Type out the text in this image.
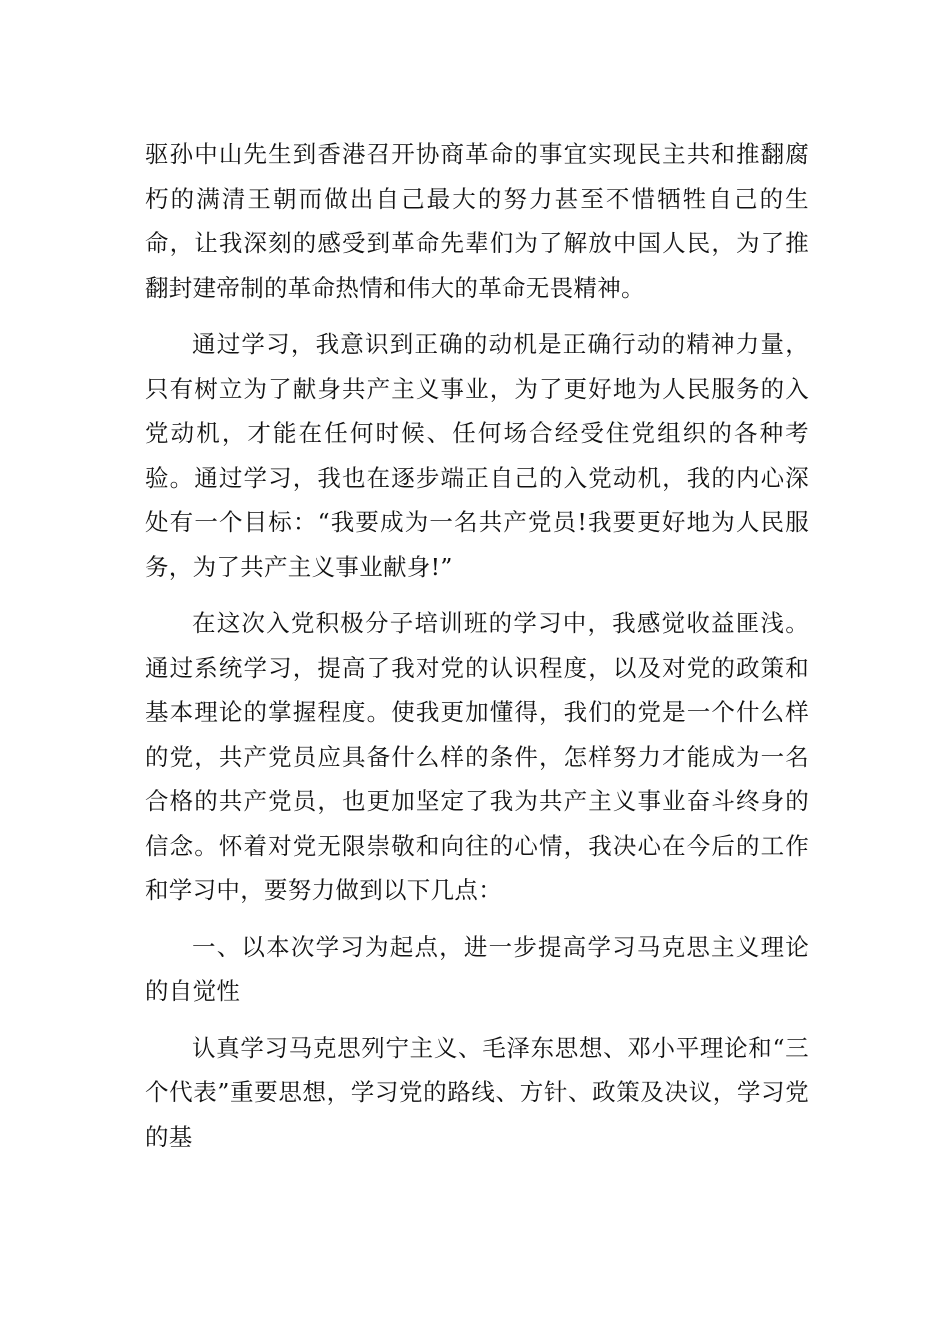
驱孙中山先生到香港召开协商革命的事宜实现民主共和推翻腐朽的满清王朝而做出自己最大的努力甚至不惜牺牲自己的生命，让我深刻的感受到革命先辈们为了解放中国人民，为了推翻封建帝制的革命热情和伟大的革命无畏精神。

通过学习，我意识到正确的动机是正确行动的精神力量，只有树立为了献身共产主义事业，为了更好地为人民服务的入党动机，才能在任何时候、任何场合经受住党组织的各种考验。通过学习，我也在逐步端正自己的入党动机，我的内心深处有一个目标：“我要成为一名共产党员!我要更好地为人民服务，为了共产主义事业献身!”

在这次入党积极分子培训班的学习中，我感觉收益匪浅。通过系统学习，提高了我对党的认识程度，以及对党的政策和基本理论的掌握程度。使我更加懂得，我们的党是一个什么样的党，共产党员应具备什么样的条件，怎样努力才能成为一名合格的共产党员，也更加坚定了我为共产主义事业奋斗终身的信念。怀着对党无限崇敬和向往的心情，我决心在今后的工作和学习中，要努力做到以下几点：

一、以本次学习为起点，进一步提高学习马克思主义理论的自觉性

认真学习马克思列宁主义、毛泽东思想、邓小平理论和“三个代表”重要思想，学习党的路线、方针、政策及决议，学习党的基
